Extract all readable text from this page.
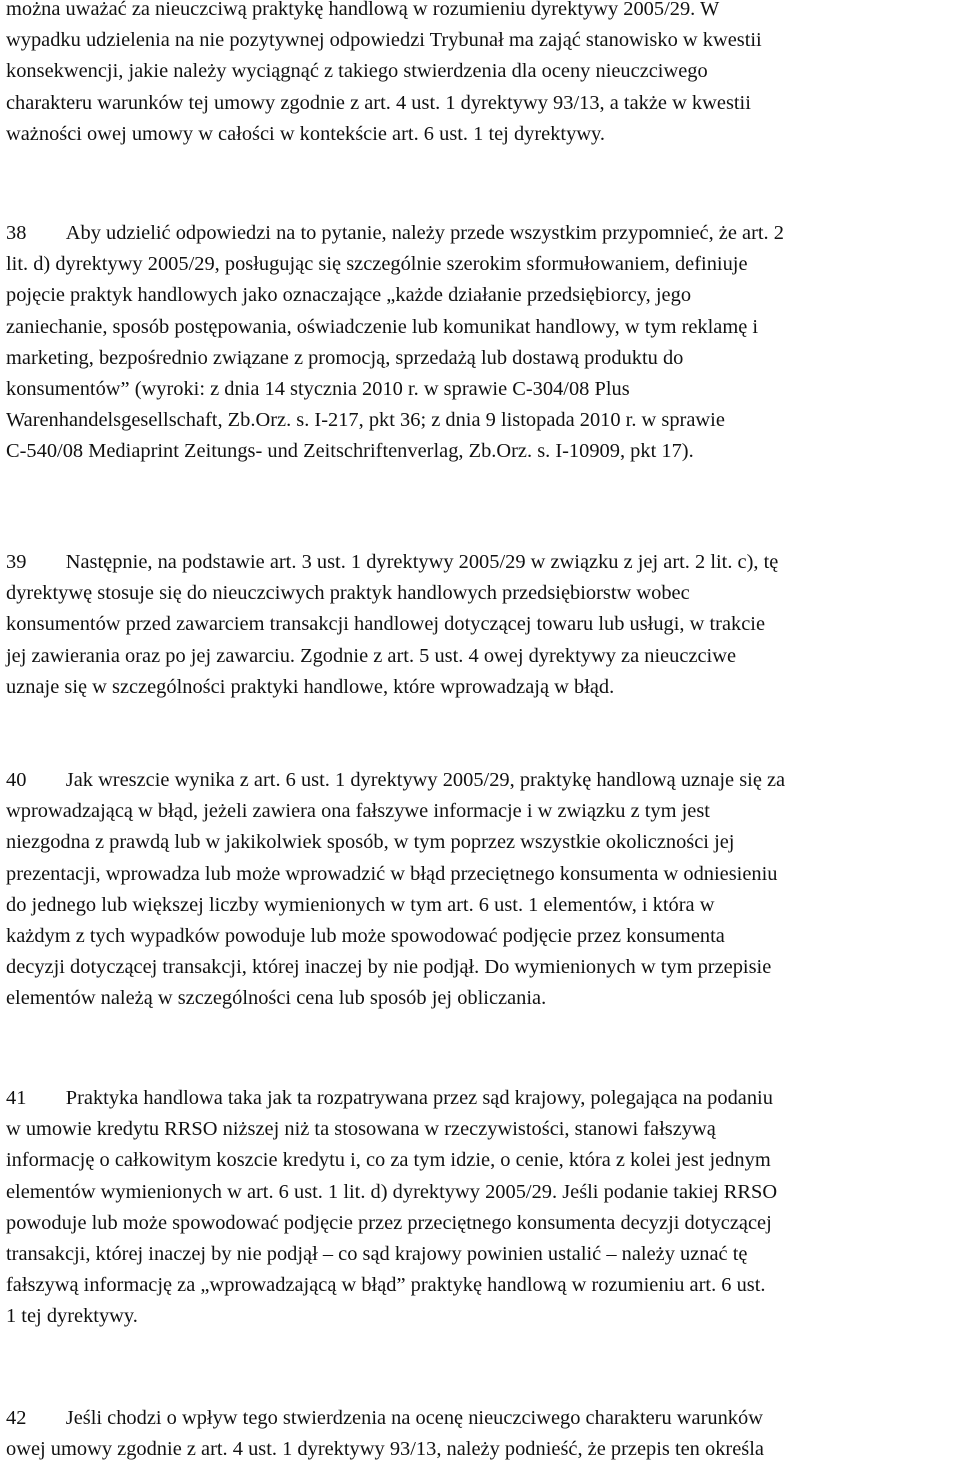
można uważać za nieuczciwą praktykę handlową w rozumieniu dyrektywy 2005/29. W
wypadku udzielenia na nie pozytywnej odpowiedzi Trybunał ma zająć stanowisko w kwestii
konsekwencji, jakie należy wyciągnąć z takiego stwierdzenia dla oceny nieuczciwego
charakteru warunków tej umowy zgodnie z art. 4 ust. 1 dyrektywy 93/13, a także w kwestii
ważności owej umowy w całości w kontekście art. 6 ust. 1 tej dyrektywy.
38 Aby udzielić odpowiedzi na to pytanie, należy przede wszystkim przypomnieć, że art. 2
lit. d) dyrektywy 2005/29, posługując się szczególnie szerokim sformułowaniem, definiuje
pojęcie praktyk handlowych jako oznaczające „każde działanie przedsiębiorcy, jego
zaniechanie, sposób postępowania, oświadczenie lub komunikat handlowy, w tym reklamę i
marketing, bezpośrednio związane z promocją, sprzedażą lub dostawą produktu do
konsumentów” (wyroki: z dnia 14 stycznia 2010 r. w sprawie C‑304/08 Plus
Warenhandelsgesellschaft, Zb.Orz. s. I‑217, pkt 36; z dnia 9 listopada 2010 r. w sprawie
C‑540/08 Mediaprint Zeitungs- und Zeitschriftenverlag, Zb.Orz. s. I‑10909, pkt 17).
39 Następnie, na podstawie art. 3 ust. 1 dyrektywy 2005/29 w związku z jej art. 2 lit. c), tę
dyrektywę stosuje się do nieuczciwych praktyk handlowych przedsiębiorstw wobec
konsumentów przed zawarciem transakcji handlowej dotyczącej towaru lub usługi, w trakcie
jej zawierania oraz po jej zawarciu. Zgodnie z art. 5 ust. 4 owej dyrektywy za nieuczciwe
uznaje się w szczególności praktyki handlowe, które wprowadzają w błąd.
40 Jak wreszcie wynika z art. 6 ust. 1 dyrektywy 2005/29, praktykę handlową uznaje się za
wprowadzającą w błąd, jeżeli zawiera ona fałszywe informacje i w związku z tym jest
niezgodna z prawdą lub w jakikolwiek sposób, w tym poprzez wszystkie okoliczności jej
prezentacji, wprowadza lub może wprowadzić w błąd przeciętnego konsumenta w odniesieniu
do jednego lub większej liczby wymienionych w tym art. 6 ust. 1 elementów, i która w
każdym z tych wypadków powoduje lub może spowodować podjęcie przez konsumenta
decyzji dotyczącej transakcji, której inaczej by nie podjął. Do wymienionych w tym przepisie
elementów należą w szczególności cena lub sposób jej obliczania.
41 Praktyka handlowa taka jak ta rozpatrywana przez sąd krajowy, polegająca na podaniu
w umowie kredytu RRSO niższej niż ta stosowana w rzeczywistości, stanowi fałszywą
informację o całkowitym koszcie kredytu i, co za tym idzie, o cenie, która z kolei jest jednym
elementów wymienionych w art. 6 ust. 1 lit. d) dyrektywy 2005/29. Jeśli podanie takiej RRSO
powoduje lub może spowodować podjęcie przez przeciętnego konsumenta decyzji dotyczącej
transakcji, której inaczej by nie podjął – co sąd krajowy powinien ustalić – należy uznać tę
fałszywą informację za „wprowadzającą w błąd” praktykę handlową w rozumieniu art. 6 ust.
1 tej dyrektywy.
42 Jeśli chodzi o wpływ tego stwierdzenia na ocenę nieuczciwego charakteru warunków
owej umowy zgodnie z art. 4 ust. 1 dyrektywy 93/13, należy podnieść, że przepis ten określa
